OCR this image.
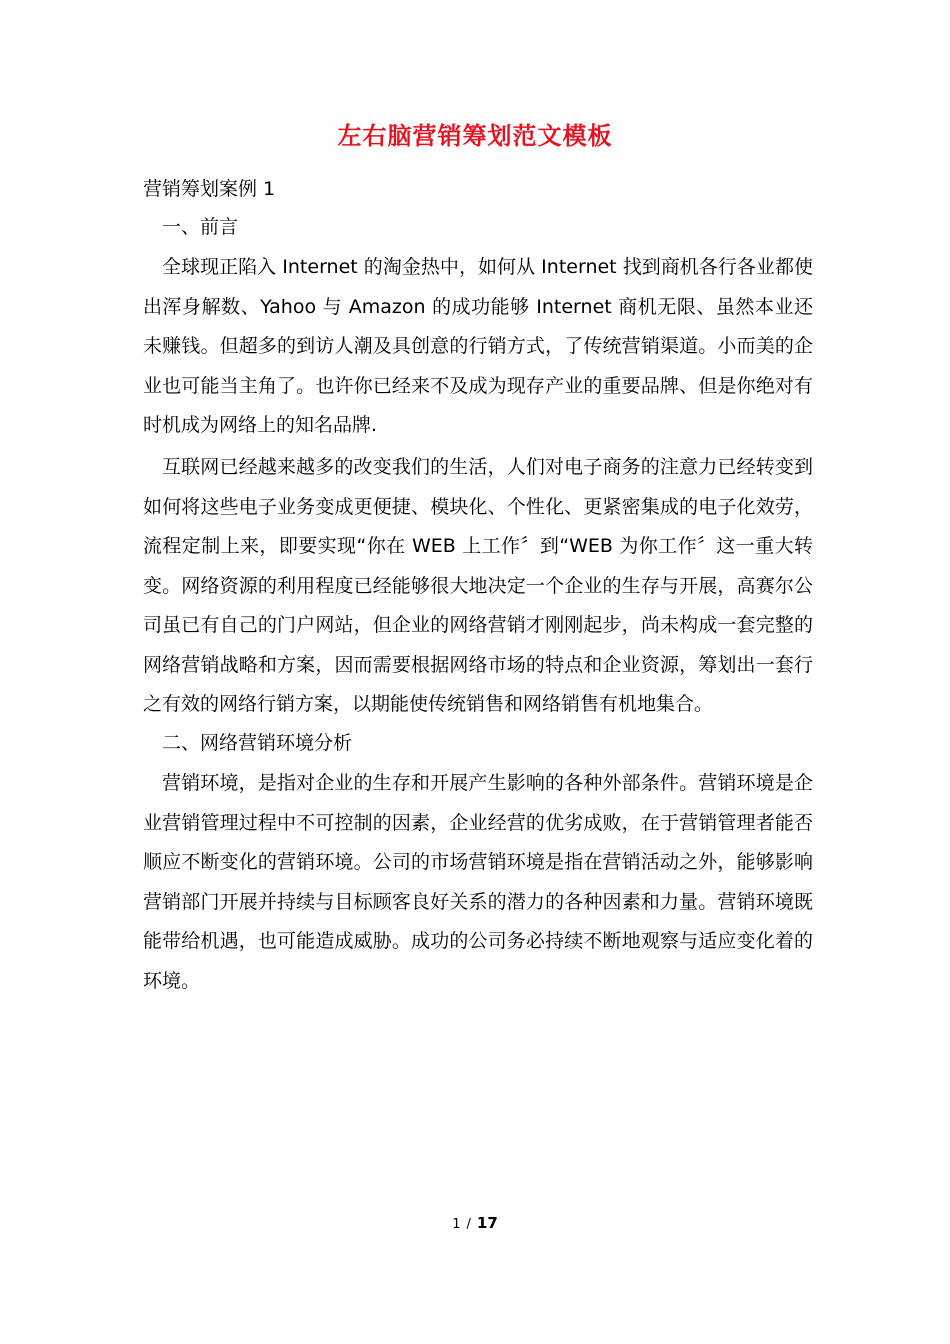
左右脑营销筹划范文模板

营销筹划案例 1

一、前言

全球现正陷入 Internet 的淘金热中，如何从 Internet 找到商机各行各业都使出浑身解数、Yahoo 与 Amazon 的成功能够 Internet 商机无限、虽然本业还未赚钱。但超多的到访人潮及具创意的行销方式，了传统营销渠道。小而美的企业也可能当主角了。也许你已经来不及成为现存产业的重要品牌、但是你绝对有时机成为网络上的知名品牌.

互联网已经越来越多的改变我们的生活，人们对电子商务的注意力已经转变到如何将这些电子业务变成更便捷、模块化、个性化、更紧密集成的电子化效劳，流程定制上来，即要实现“你在 WEB 上工作〞到“WEB 为你工作〞这一重大转变。网络资源的利用程度已经能够很大地决定一个企业的生存与开展，高赛尔公司虽已有自己的门户网站，但企业的网络营销才刚刚起步，尚未构成一套完整的网络营销战略和方案，因而需要根据网络市场的特点和企业资源，筹划出一套行之有效的网络行销方案，以期能使传统销售和网络销售有机地集合。

二、网络营销环境分析

营销环境，是指对企业的生存和开展产生影响的各种外部条件。营销环境是企业营销管理过程中不可控制的因素，企业经营的优劣成败，在于营销管理者能否顺应不断变化的营销环境。公司的市场营销环境是指在营销活动之外，能够影响营销部门开展并持续与目标顾客良好关系的潜力的各种因素和力量。营销环境既能带给机遇，也可能造成威胁。成功的公司务必持续不断地观察与适应变化着的环境。

1 / 17
